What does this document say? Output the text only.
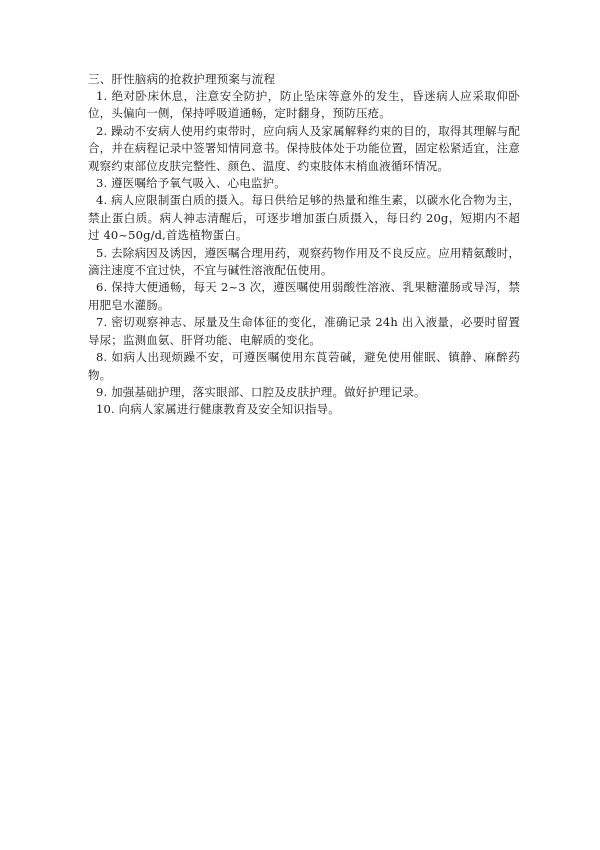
三、肝性脑病的抢救护理预案与流程
1. 绝对卧床休息，注意安全防护，防止坠床等意外的发生，昏迷病人应采取仰卧位，头偏向一侧，保持呼吸道通畅，定时翻身，预防压疮。
2. 躁动不安病人使用约束带时，应向病人及家属解释约束的目的，取得其理解与配合，并在病程记录中签署知情同意书。保持肢体处于功能位置，固定松紧适宜，注意观察约束部位皮肤完整性、颜色、温度、约束肢体末梢血液循环情况。
3. 遵医嘱给予氧气吸入、心电监护。
4. 病人应限制蛋白质的摄入。每日供给足够的热量和维生素，以碳水化合物为主，禁止蛋白质。病人神志清醒后，可逐步增加蛋白质摄入，每日约 20g，短期内不超过 40~50g/d,首选植物蛋白。
5. 去除病因及诱因，遵医嘱合理用药，观察药物作用及不良反应。应用精氨酸时，滴注速度不宜过快，不宜与碱性溶液配伍使用。
6. 保持大便通畅，每天 2~3 次，遵医嘱使用弱酸性溶液、乳果糖灌肠或导泻，禁用肥皂水灌肠。
7. 密切观察神志、尿量及生命体征的变化，准确记录 24h 出入液量，必要时留置导尿；监测血氨、肝肾功能、电解质的变化。
8. 如病人出现烦躁不安，可遵医嘱使用东莨菪碱，避免使用催眠、镇静、麻醉药物。
9. 加强基础护理，落实眼部、口腔及皮肤护理。做好护理记录。
10. 向病人家属进行健康教育及安全知识指导。
